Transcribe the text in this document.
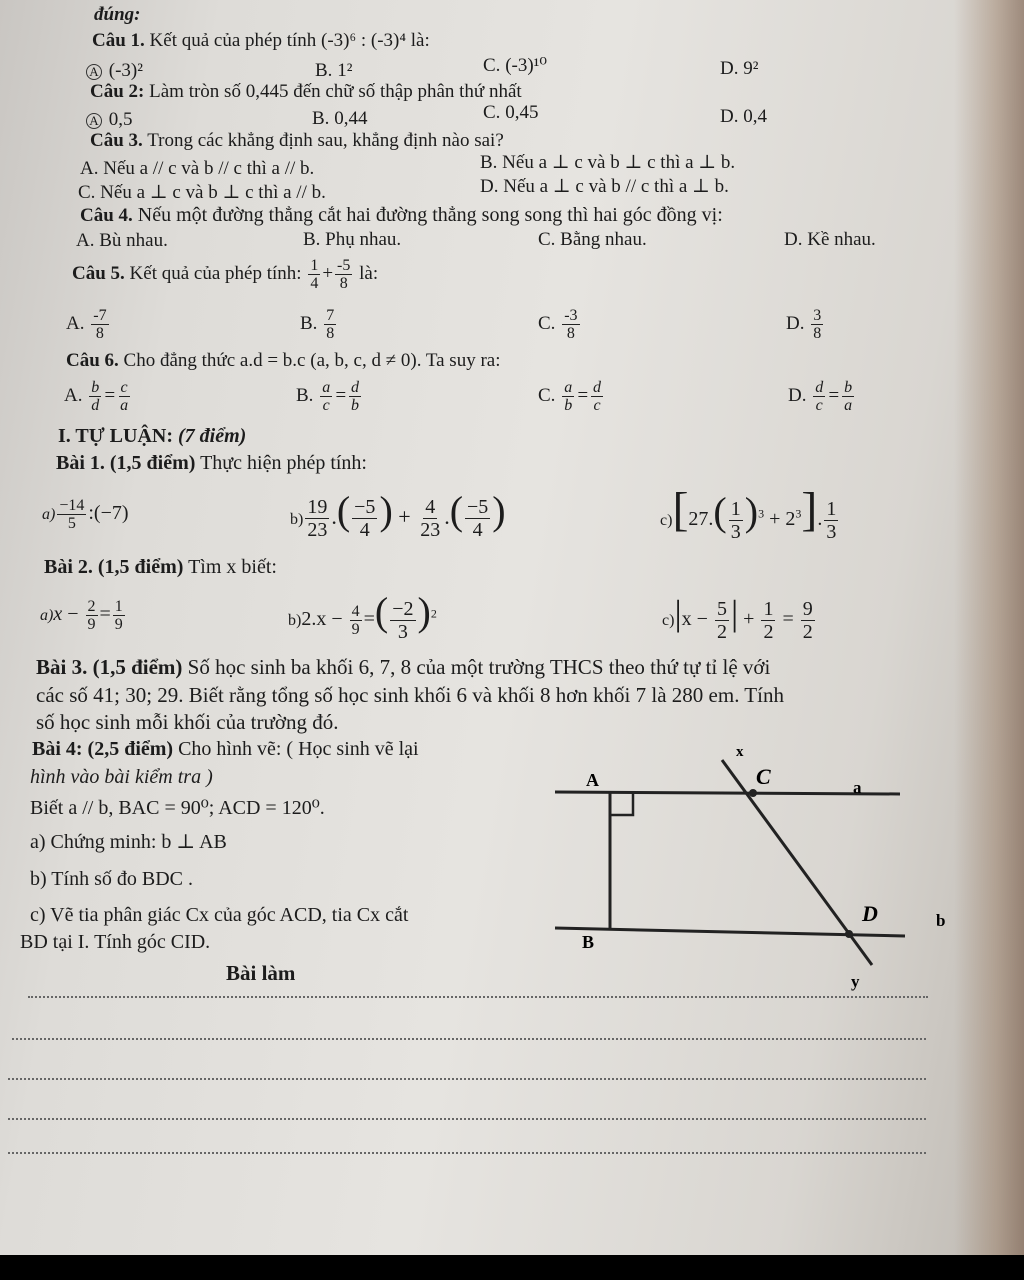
đúng:
Câu 1. Kết quả của phép tính (-3)⁶ : (-3)⁴ là:
A (-3)²	B. 1²	C. (-3)¹⁰	D. 9²
Câu 2: Làm tròn số 0,445 đến chữ số thập phân thứ nhất
A 0,5	B. 0,44	C. 0,45	D. 0,4
Câu 3. Trong các khẳng định sau, khẳng định nào sai?
A. Nếu a // c và b // c thì a // b.	B. Nếu a ⊥ c và b ⊥ c thì a ⊥ b.
C. Nếu a ⊥ c và b ⊥ c thì a // b.	D. Nếu a ⊥ c và b // c thì a ⊥ b.
Câu 4. Nếu một đường thẳng cắt hai đường thẳng song song thì hai góc đồng vị:
A. Bù nhau.	B. Phụ nhau.	C. Bằng nhau.	D. Kề nhau.
Câu 5. Kết quả của phép tính: $\frac{1}{4} + \frac{-5}{8}$ là:
A. $\frac{-7}{8}$	B. $\frac{7}{8}$	C. $\frac{-3}{8}$	D. $\frac{3}{8}$
Câu 6. Cho đẳng thức a.d = b.c (a, b, c, d ≠ 0). Ta suy ra:
A. $\frac{b}{d} = \frac{c}{a}$	B. $\frac{a}{c} = \frac{d}{b}$	C. $\frac{a}{b} = \frac{d}{c}$	D. $\frac{d}{c} = \frac{b}{a}$
I. TỰ LUẬN: (7 điểm)
Bài 1. (1,5 điểm) Thực hiện phép tính:
$a) \frac{-14}{5}$ :(−7)	$b) \frac{19}{23}$ .( $\frac{-5}{4}$ ) + $\frac{4}{23}$ .( $\frac{-5}{4}$ )	$c)[27.( \frac{1}{3} )^3 + 2^3]$. $\frac{1}{3}$
Bài 2. (1,5 điểm) Tìm x biết:
$a)x - \frac{2}{9} = \frac{1}{9}$	$b)2.x - \frac{4}{9}$ =( $\frac{-2}{3} )^2$	$c)|x - \frac{5}{2}$ | + $\frac{1}{2} = \frac{9}{2}$
Bài 3. (1,5 điểm) Số học sinh ba khối 6, 7, 8 của một trường THCS theo thứ tự tỉ lệ với
các số 41; 30; 29. Biết rằng tổng số học sinh khối 6 và khối 8 hơn khối 7 là 280 em. Tính
số học sinh mỗi khối của trường đó.
Bài 4: (2,5 điểm) Cho hình vẽ: ( Học sinh vẽ lại
hình vào bài kiểm tra )
Biết a // b, BAC = 90⁰; ACD = 120⁰.
a) Chứng minh: b ⊥ AB
b) Tính số đo BDC .
c) Vẽ tia phân giác Cx của góc ACD, tia Cx cắt
BD tại I. Tính góc CID.
Bài làm
x
A	C	a
D	b
B
y
